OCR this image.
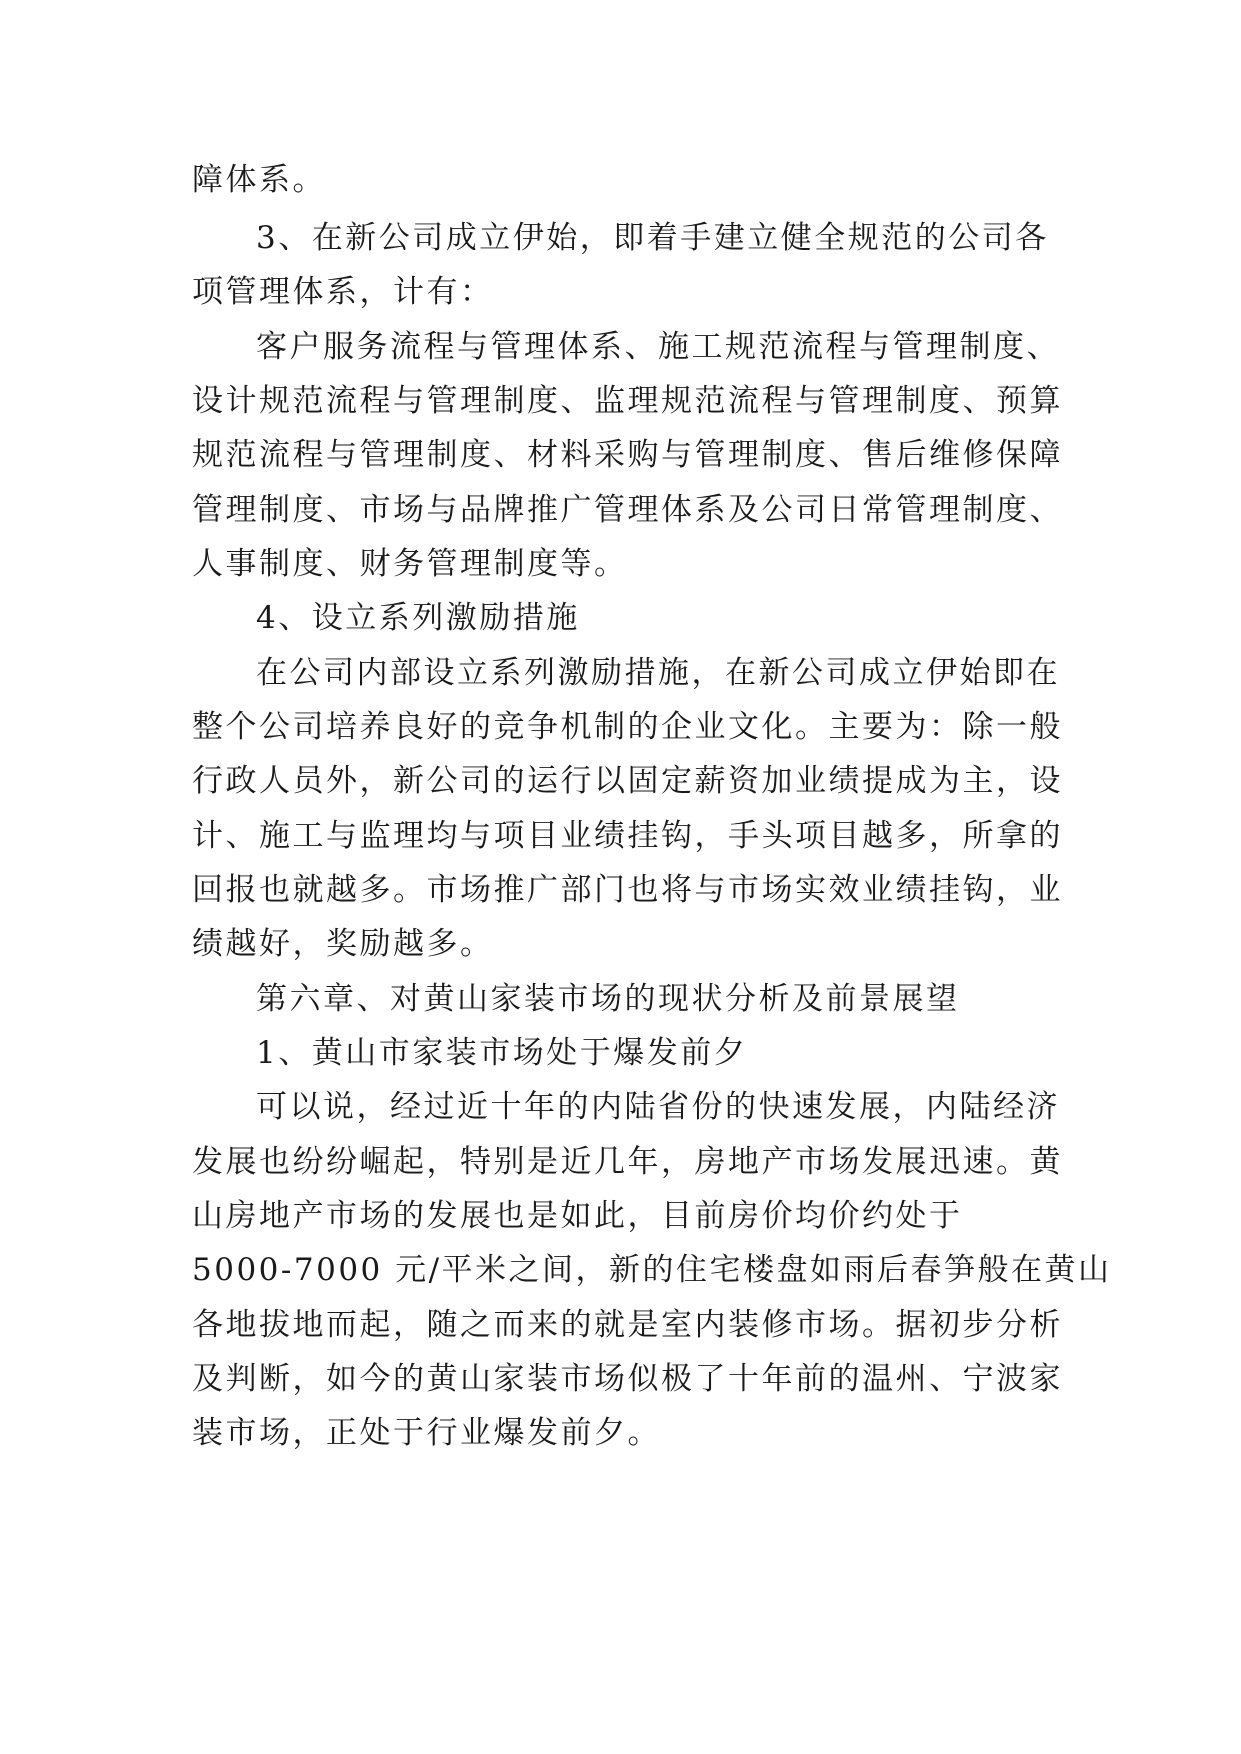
障体系。
3、在新公司成立伊始，即着手建立健全规范的公司各
项管理体系，计有：
客户服务流程与管理体系、施工规范流程与管理制度、
设计规范流程与管理制度、监理规范流程与管理制度、预算
规范流程与管理制度、材料采购与管理制度、售后维修保障
管理制度、市场与品牌推广管理体系及公司日常管理制度、
人事制度、财务管理制度等。
4、设立系列激励措施
在公司内部设立系列激励措施，在新公司成立伊始即在
整个公司培养良好的竞争机制的企业文化。主要为：除一般
行政人员外，新公司的运行以固定薪资加业绩提成为主，设
计、施工与监理均与项目业绩挂钩，手头项目越多，所拿的
回报也就越多。市场推广部门也将与市场实效业绩挂钩，业
绩越好，奖励越多。
第六章、对黄山家装市场的现状分析及前景展望
1、黄山市家装市场处于爆发前夕
可以说，经过近十年的内陆省份的快速发展，内陆经济
发展也纷纷崛起，特别是近几年，房地产市场发展迅速。黄
山房地产市场的发展也是如此，目前房价均价约处于
5000-7000 元/平米之间，新的住宅楼盘如雨后春笋般在黄山
各地拔地而起，随之而来的就是室内装修市场。据初步分析
及判断，如今的黄山家装市场似极了十年前的温州、宁波家
装市场，正处于行业爆发前夕。
